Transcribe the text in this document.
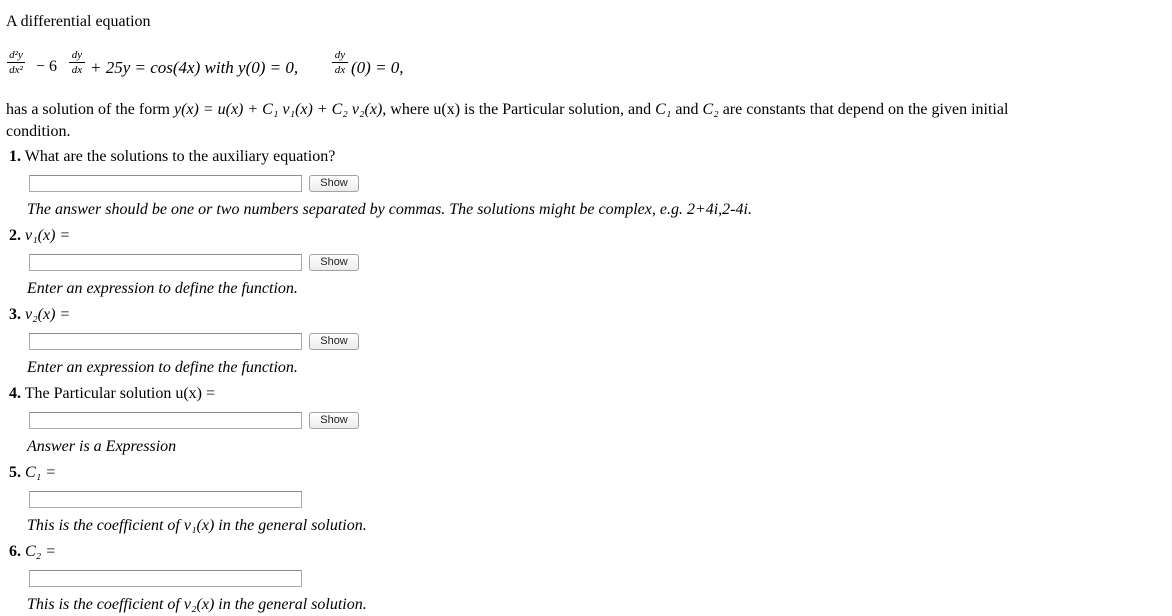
A differential equation
d²y
dx² − 6
dy
dx + 25y = cos(4x) with y(0) = 0,
dy
dx (0) = 0,
has a solution of the form y(x) = u(x) + C₁ v₁(x) + C₂ v₂(x), where u(x) is the Particular solution, and C₁ and C₂ are constants that depend on the given initial
condition.
1. What are the solutions to the auxiliary equation?
Show
The answer should be one or two numbers separated by commas. The solutions might be complex, e.g. 2+4i,2-4i.
2. v₁(x) =
Show
Enter an expression to define the function.
3. v₂(x) =
Show
Enter an expression to define the function.
4. The Particular solution u(x) =
Show
Answer is a Expression
5. C₁ =
This is the coefficient of v₁(x) in the general solution.
6. C₂ =
This is the coefficient of v₂(x) in the general solution.
